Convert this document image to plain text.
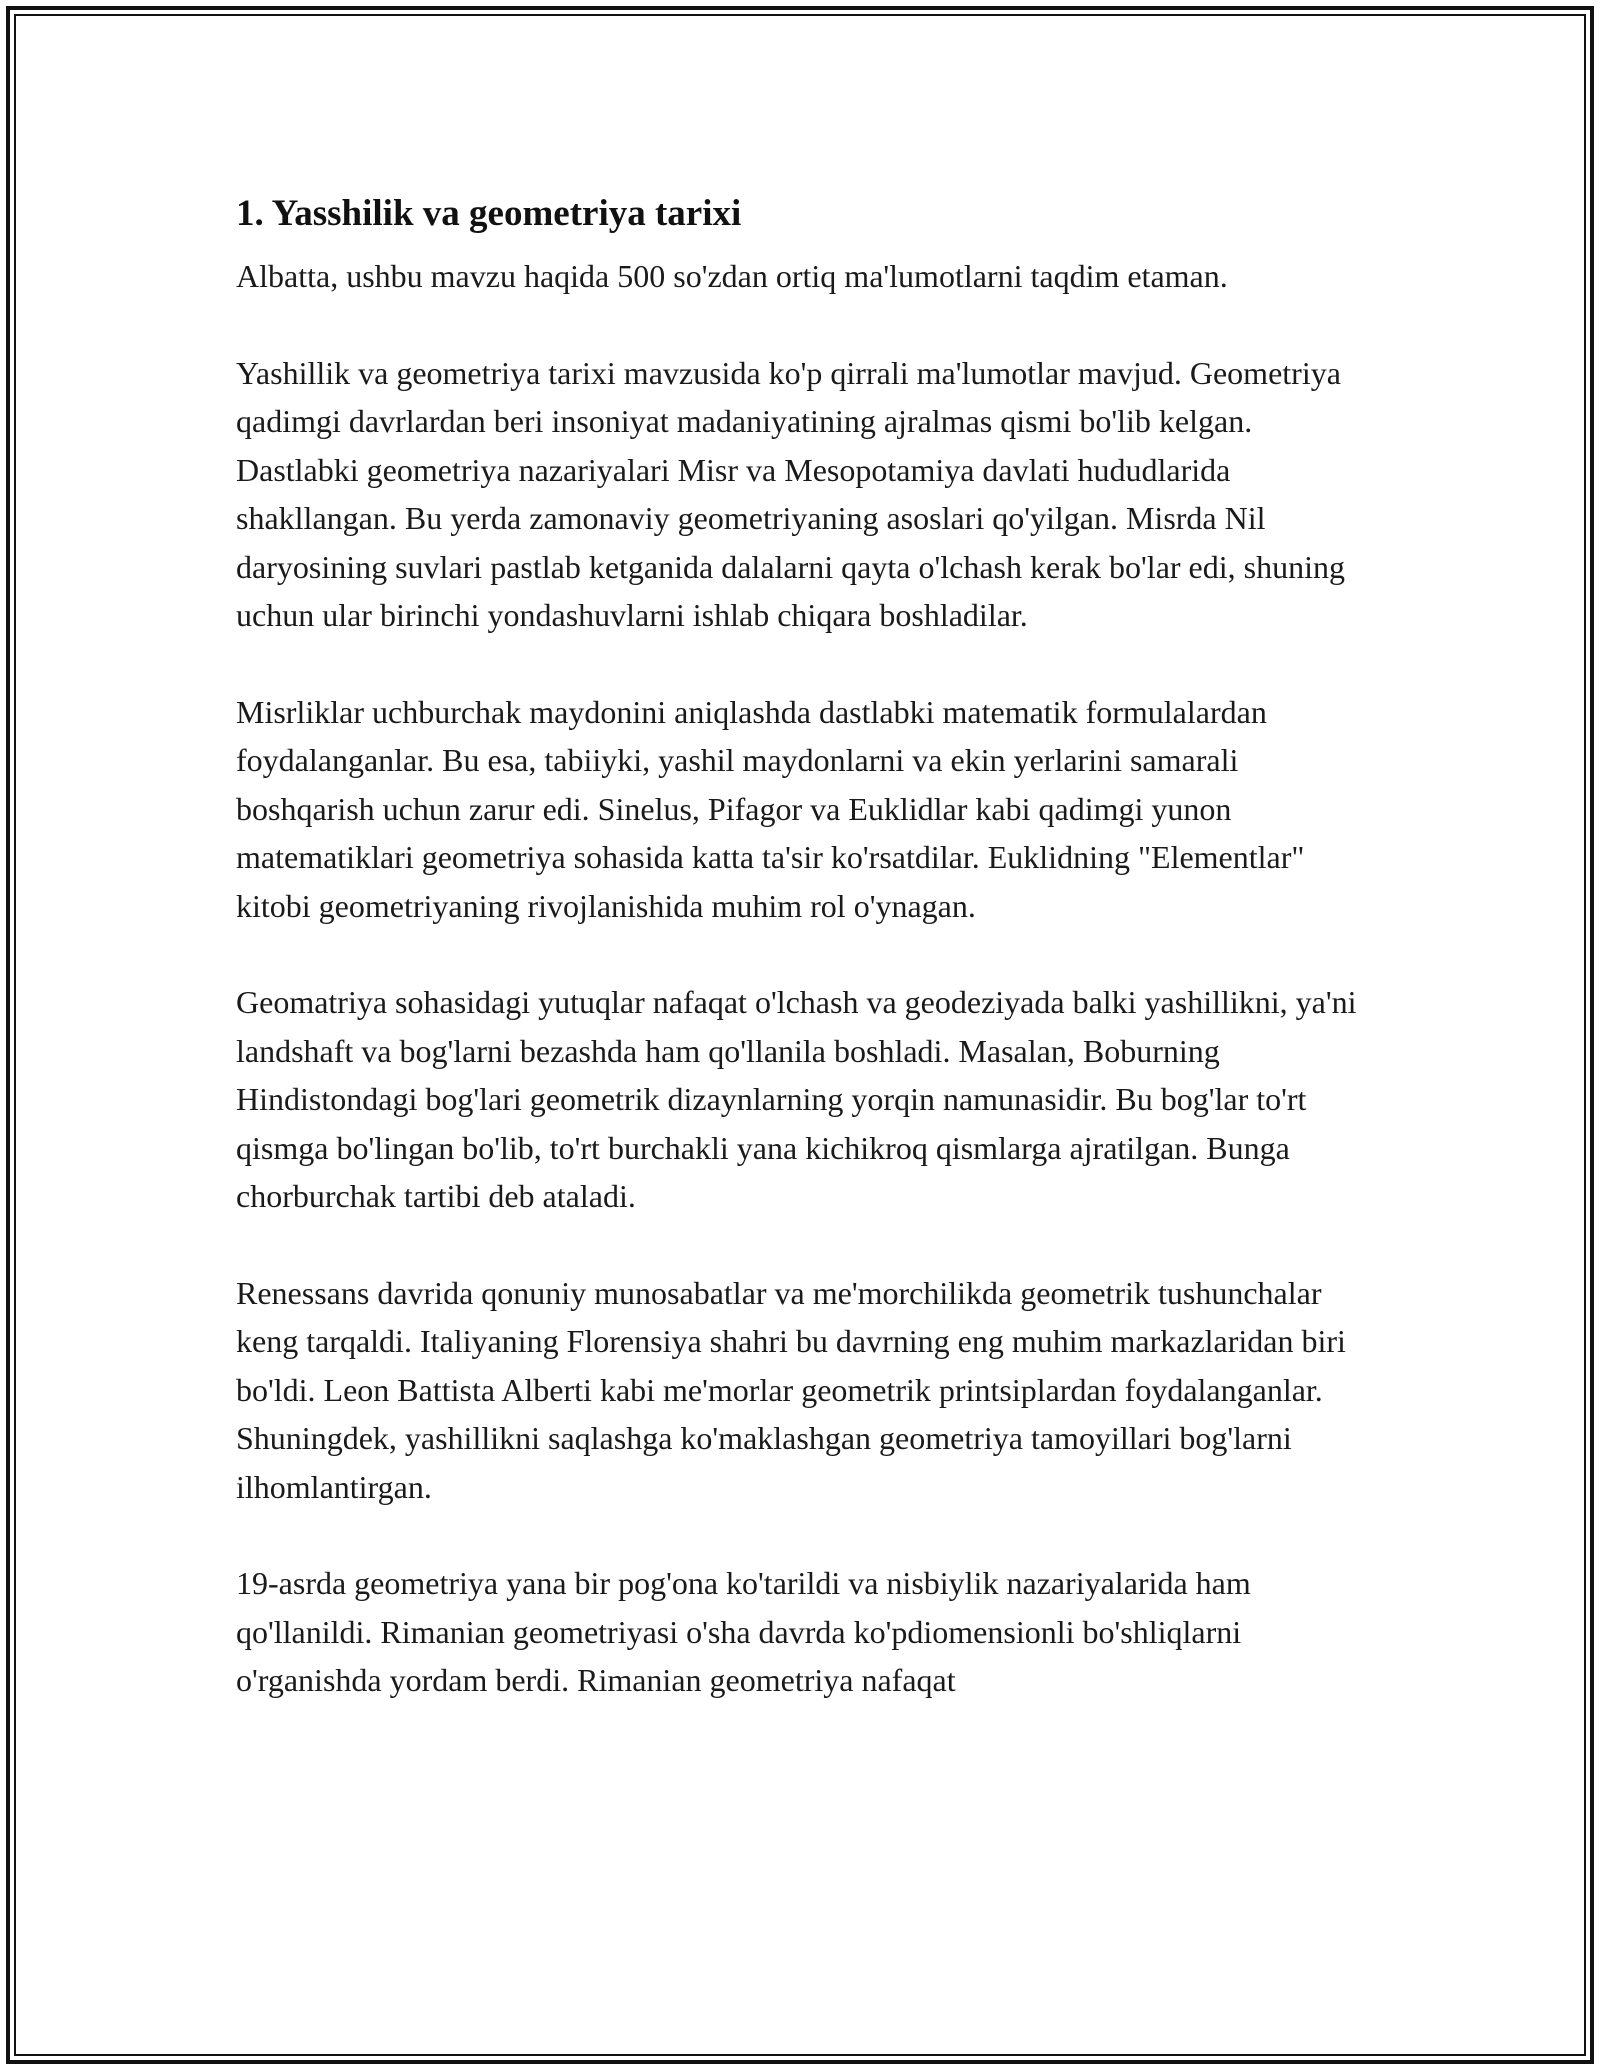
1. Yasshilik va geometriya tarixi

Albatta, ushbu mavzu haqida 500 so'zdan ortiq ma'lumotlarni taqdim etaman.

Yashillik va geometriya tarixi mavzusida ko'p qirrali ma'lumotlar mavjud. Geometriya qadimgi davrlardan beri insoniyat madaniyatining ajralmas qismi bo'lib kelgan. Dastlabki geometriya nazariyalari Misr va Mesopotamiya davlati hududlarida shakllangan. Bu yerda zamonaviy geometriyaning asoslari qo'yilgan. Misrda Nil daryosining suvlari pastlab ketganida dalalarni qayta o'lchash kerak bo'lar edi, shuning uchun ular birinchi yondashuvlarni ishlab chiqara boshladilar.

Misrliklar uchburchak maydonini aniqlashda dastlabki matematik formulalardan foydalanganlar. Bu esa, tabiiyki, yashil maydonlarni va ekin yerlarini samarali boshqarish uchun zarur edi. Sinelus, Pifagor va Euklidlar kabi qadimgi yunon matematiklari geometriya sohasida katta ta'sir ko'rsatdilar. Euklidning "Elementlar" kitobi geometriyaning rivojlanishida muhim rol o'ynagan.

Geomatriya sohasidagi yutuqlar nafaqat o'lchash va geodeziyada balki yashillikni, ya'ni landshaft va bog'larni bezashda ham qo'llanila boshladi. Masalan, Boburning Hindistondagi bog'lari geometrik dizaynlarning yorqin namunasidir. Bu bog'lar to'rt qismga bo'lingan bo'lib, to'rt burchakli yana kichikroq qismlarga ajratilgan. Bunga chorburchak tartibi deb ataladi.

Renessans davrida qonuniy munosabatlar va me'morchilikda geometrik tushunchalar keng tarqaldi. Italiyaning Florensiya shahri bu davrning eng muhim markazlaridan biri bo'ldi. Leon Battista Alberti kabi me'morlar geometrik printsiplardan foydalanganlar. Shuningdek, yashillikni saqlashga ko'maklashgan geometriya tamoyillari bog'larni ilhomlantirgan.

19-asrda geometriya yana bir pog'ona ko'tarildi va nisbiylik nazariyalarida ham qo'llanildi. Rimanian geometriyasi o'sha davrda ko'pdiomensionli bo'shliqlarni o'rganishda yordam berdi. Rimanian geometriya nafaqat
